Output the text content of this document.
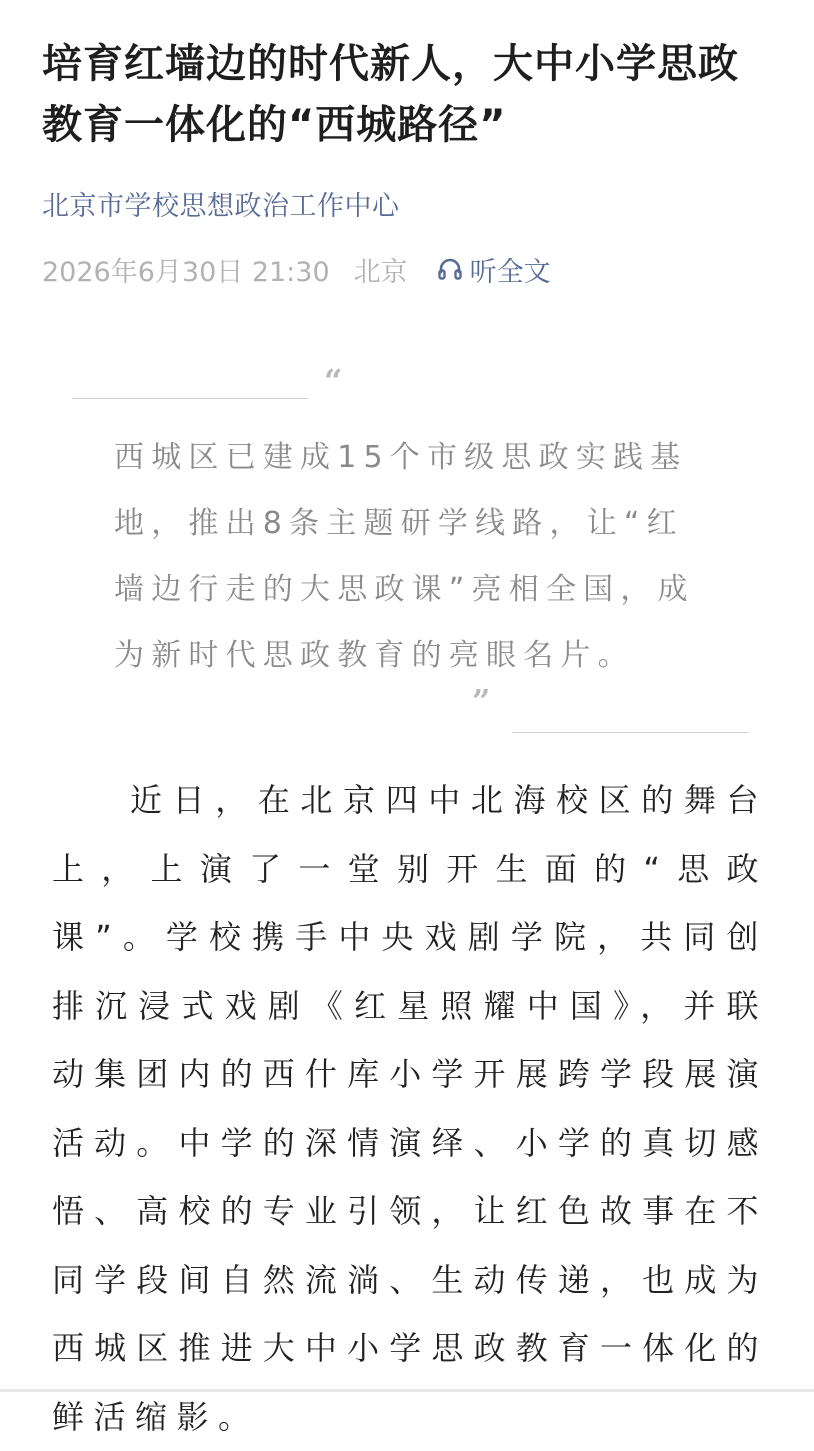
培育红墙边的时代新人，大中小学思政教育一体化的“西城路径”
北京市学校思想政治工作中心
2026年6月30日 21:30 北京 听全文
“

西城区已建成15个市级思政实践基地，推出8条主题研学线路，让“红墙边行走的大思政课”亮相全国，成为新时代思政教育的亮眼名片。

”

近日，在北京四中北海校区的舞台上，上演了一堂别开生面的“思政课”。学校携手中央戏剧学院，共同创排沉浸式戏剧《红星照耀中国》，并联动集团内的西什库小学开展跨学段展演活动。中学的深情演绎、小学的真切感悟、高校的专业引领，让红色故事在不同学段间自然流淌、生动传递，也成为西城区推进大中小学思政教育一体化的鲜活缩影。
